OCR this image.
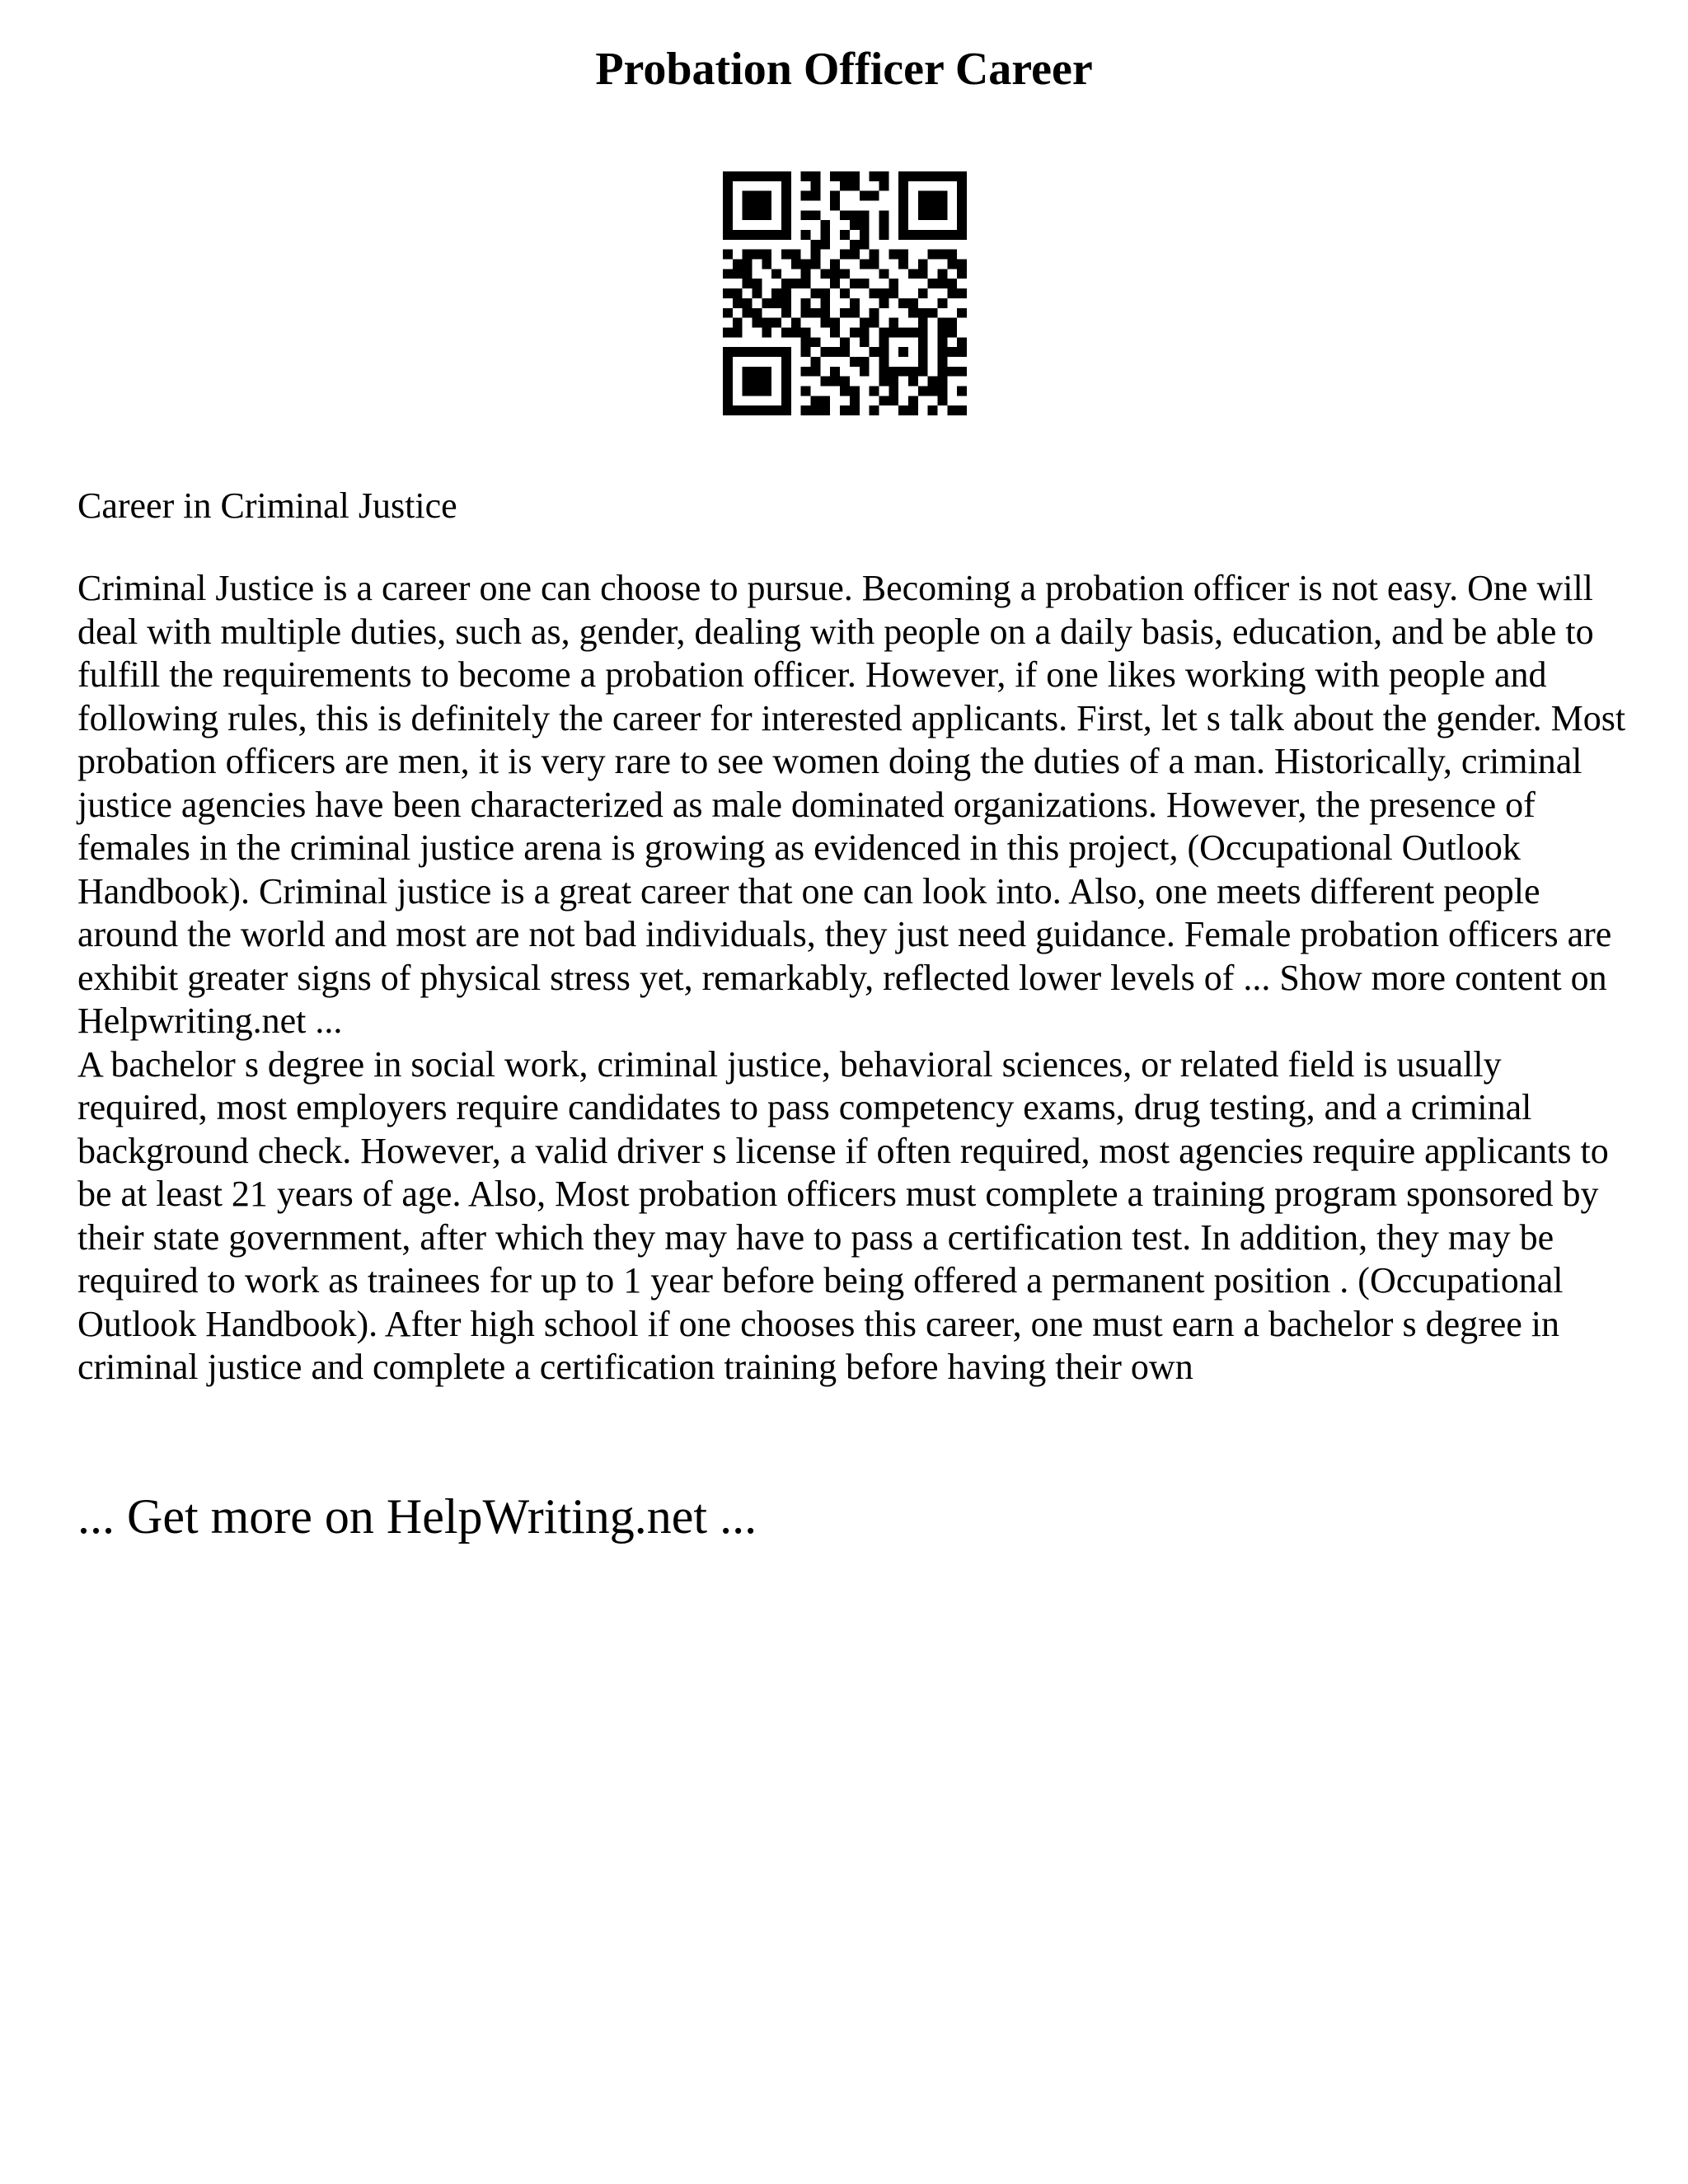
Probation Officer Career
Career in Criminal Justice

Criminal Justice is a career one can choose to pursue. Becoming a probation officer is not easy. One will deal with multiple duties, such as, gender, dealing with people on a daily basis, education, and be able to fulfill the requirements to become a probation officer. However, if one likes working with people and following rules, this is definitely the career for interested applicants. First, let s talk about the gender. Most probation officers are men, it is very rare to see women doing the duties of a man. Historically, criminal justice agencies have been characterized as male dominated organizations. However, the presence of females in the criminal justice arena is growing as evidenced in this project, (Occupational Outlook Handbook). Criminal justice is a great career that one can look into. Also, one meets different people around the world and most are not bad individuals, they just need guidance. Female probation officers are exhibit greater signs of physical stress yet, remarkably, reflected lower levels of ... Show more content on Helpwriting.net ...

A bachelor s degree in social work, criminal justice, behavioral sciences, or related field is usually required, most employers require candidates to pass competency exams, drug testing, and a criminal background check. However, a valid driver s license if often required, most agencies require applicants to be at least 21 years of age. Also, Most probation officers must complete a training program sponsored by their state government, after which they may have to pass a certification test. In addition, they may be required to work as trainees for up to 1 year before being offered a permanent position . (Occupational Outlook Handbook). After high school if one chooses this career, one must earn a bachelor s degree in criminal justice and complete a certification training before having their own

... Get more on HelpWriting.net ...
